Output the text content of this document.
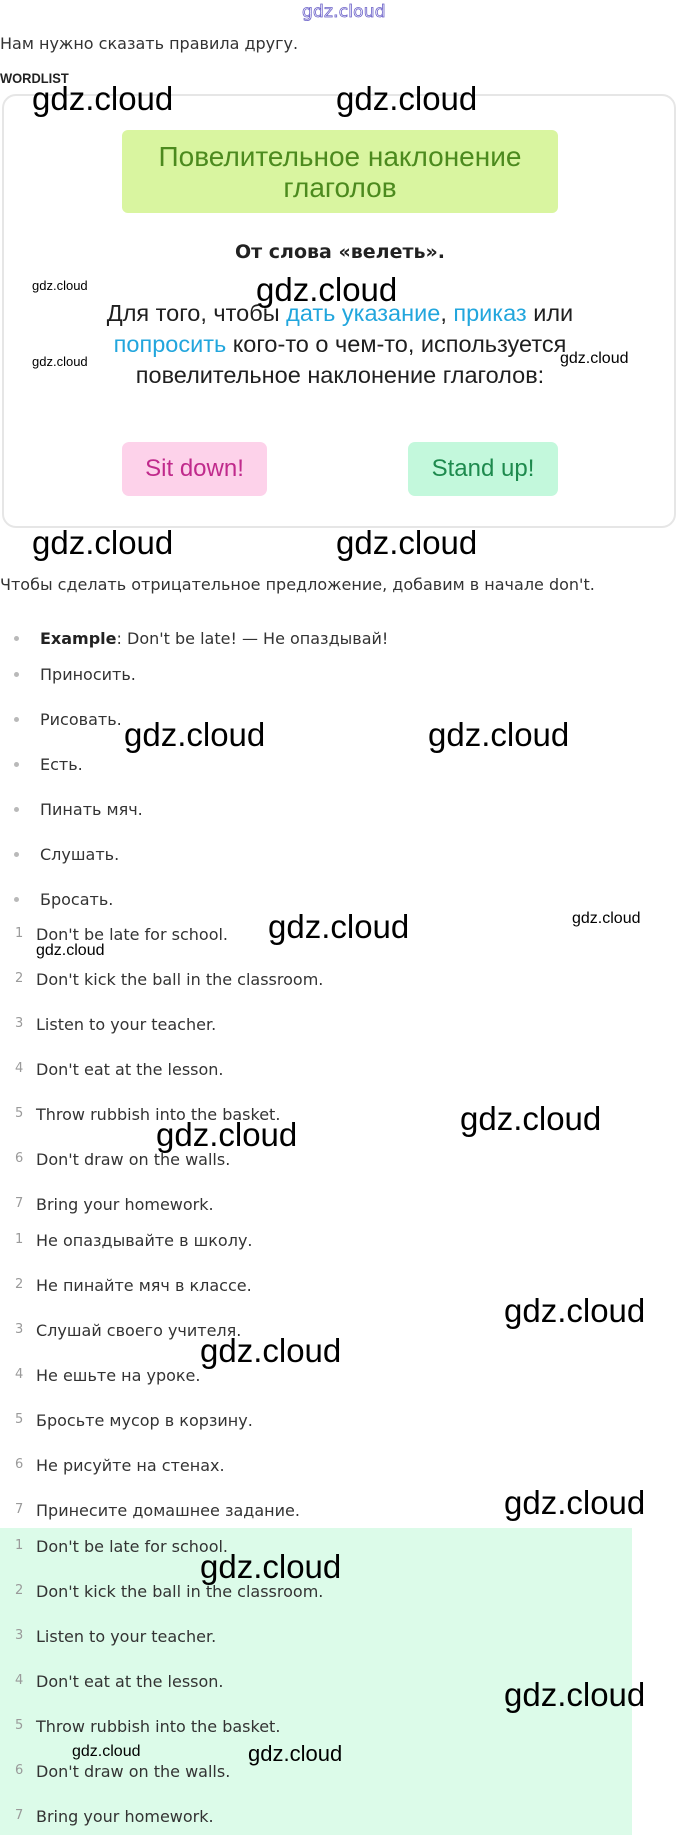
gdz.cloud
Нам нужно сказать правила другу.
WORDLIST
Повелительное наклонение
глаголов
От слова «велеть».
Для того, чтобы дать указание, приказ или попросить кого-то о чем-то, используется повелительное наклонение глаголов:
Sit down!	Stand up!
Чтобы сделать отрицательное предложение, добавим в начале don't.
Example: Don't be late! — Не опаздывай!
Приносить.
Рисовать.
Есть.
Пинать мяч.
Слушать.
Бросать.
1 Don't be late for school.
2 Don't kick the ball in the classroom.
3 Listen to your teacher.
4 Don't eat at the lesson.
5 Throw rubbish into the basket.
6 Don't draw on the walls.
7 Bring your homework.
1 Не опаздывайте в школу.
2 Не пинайте мяч в классе.
3 Слушай своего учителя.
4 Не ешьте на уроке.
5 Бросьте мусор в корзину.
6 Не рисуйте на стенах.
7 Принесите домашнее задание.
1 Don't be late for school.
2 Don't kick the ball in the classroom.
3 Listen to your teacher.
4 Don't eat at the lesson.
5 Throw rubbish into the basket.
6 Don't draw on the walls.
7 Bring your homework.
gdz.cloud	gdz.cloud
gdz.cloud	gdz.cloud
gdz.cloud	gdz.cloud
gdz.cloud	gdz.cloud
gdz.cloud	gdz.cloud
gdz.cloud	gdz.cloud
gdz.cloud
gdz.cloud
gdz.cloud
gdz.cloud
gdz.cloud
gdz.cloud
gdz.cloud
gdz.cloud
gdz.cloud	gdz.cloud
